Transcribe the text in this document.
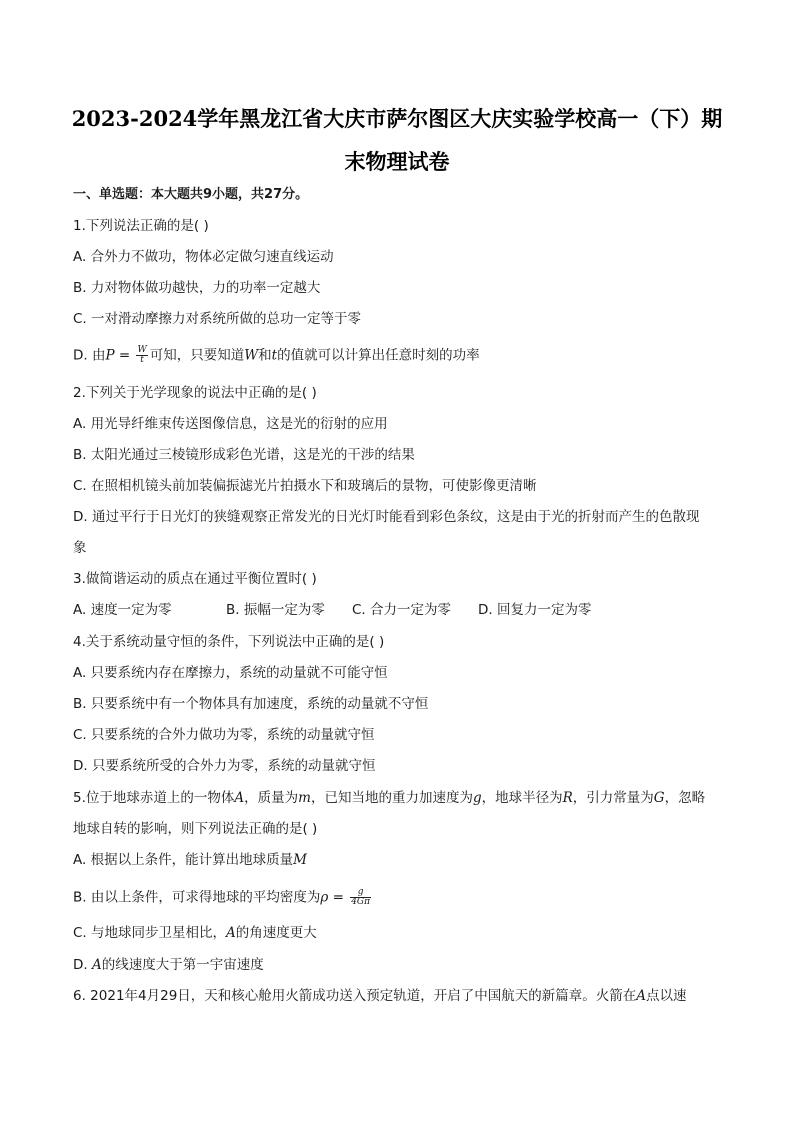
2023-2024学年黑龙江省大庆市萨尔图区大庆实验学校高一（下）期
末物理试卷
一、单选题：本大题共9小题，共27分。
1.下列说法正确的是( )
A. 合外力不做功，物体必定做匀速直线运动
B. 力对物体做功越快，力的功率一定越大
C. 一对滑动摩擦力对系统所做的总功一定等于零
D. 由$P = \frac{W}{t}$ 可知，只要知道W和t的值就可以计算出任意时刻的功率
2.下列关于光学现象的说法中正确的是( )
A. 用光导纤维束传送图像信息，这是光的衍射的应用
B. 太阳光通过三棱镜形成彩色光谱，这是光的干涉的结果
C. 在照相机镜头前加装偏振滤光片拍摄水下和玻璃后的景物，可使影像更清晰
D. 通过平行于日光灯的狭缝观察正常发光的日光灯时能看到彩色条纹，这是由于光的折射而产生的色散现
象
3.做简谐运动的质点在通过平衡位置时( )
A. 速度一定为零	B. 振幅一定为零 C. 合力一定为零 D. 回复力一定为零
4.关于系统动量守恒的条件，下列说法中正确的是( )
A. 只要系统内存在摩擦力，系统的动量就不可能守恒
B. 只要系统中有一个物体具有加速度，系统的动量就不守恒
C. 只要系统的合外力做功为零，系统的动量就守恒
D. 只要系统所受的合外力为零，系统的动量就守恒
5.位于地球赤道上的一物体A，质量为m，已知当地的重力加速度为g，地球半径为R，引力常量为G，忽略
地球自转的影响，则下列说法正确的是( )
A. 根据以上条件，能计算出地球质量M
B. 由以上条件，可求得地球的平均密度为$\rho = \frac{g}{4G\pi}$
C. 与地球同步卫星相比，A的角速度更大
D. A的线速度大于第一宇宙速度
6. 2021年4月29日，天和核心舱用火箭成功送入预定轨道，开启了中国航天的新篇章。火箭在A点以速
